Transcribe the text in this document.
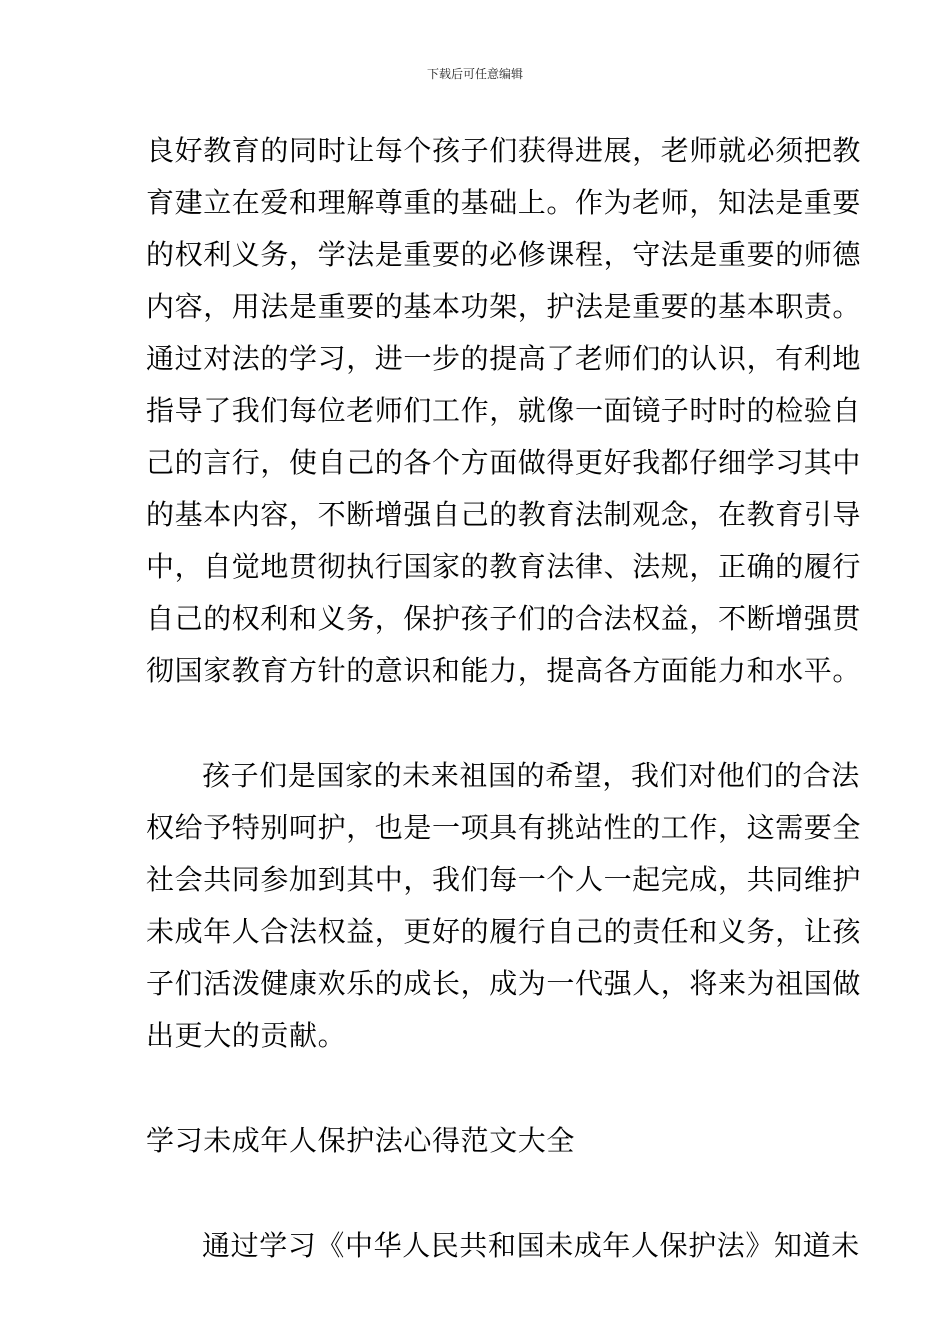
下载后可任意编辑
良好教育的同时让每个孩子们获得进展，老师就必须把教
育建立在爱和理解尊重的基础上。作为老师，知法是重要
的权利义务，学法是重要的必修课程，守法是重要的师德
内容，用法是重要的基本功架，护法是重要的基本职责。
通过对法的学习，进一步的提高了老师们的认识，有利地
指导了我们每位老师们工作，就像一面镜子时时的检验自
己的言行，使自己的各个方面做得更好我都仔细学习其中
的基本内容，不断增强自己的教育法制观念，在教育引导
中，自觉地贯彻执行国家的教育法律、法规，正确的履行
自己的权利和义务，保护孩子们的合法权益，不断增强贯
彻国家教育方针的意识和能力，提高各方面能力和水平。
孩子们是国家的未来祖国的希望，我们对他们的合法
权给予特别呵护，也是一项具有挑站性的工作，这需要全
社会共同参加到其中，我们每一个人一起完成，共同维护
未成年人合法权益，更好的履行自己的责任和义务，让孩
子们活泼健康欢乐的成长，成为一代强人，将来为祖国做
出更大的贡献。
学习未成年人保护法心得范文大全
通过学习《中华人民共和国未成年人保护法》知道未
